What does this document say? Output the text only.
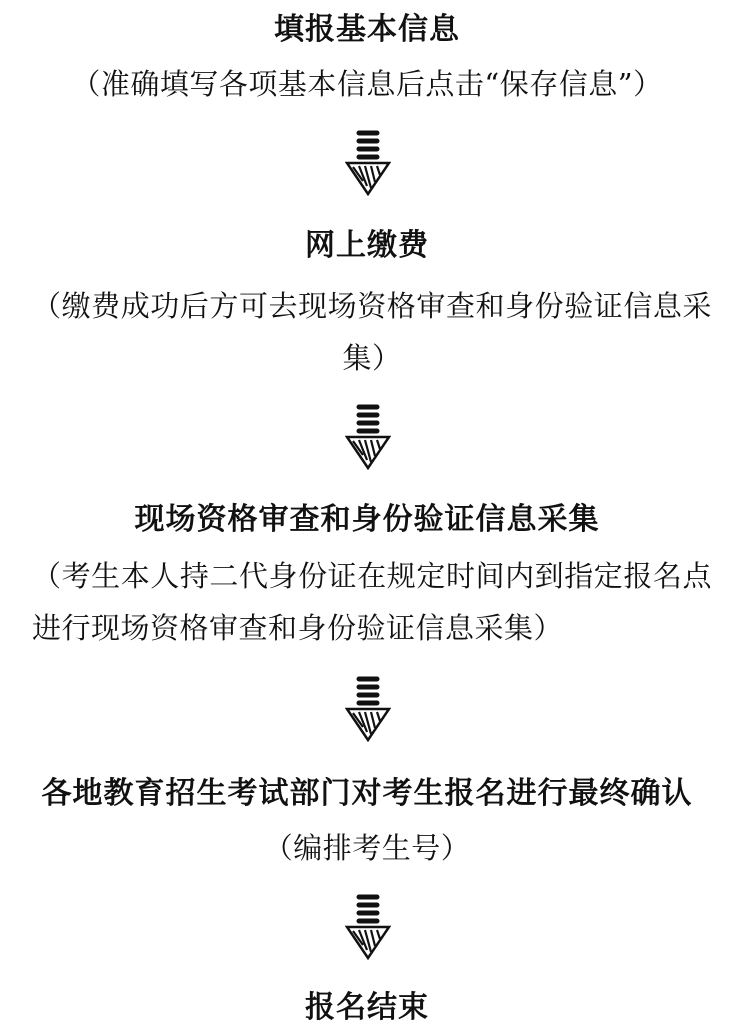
填报基本信息
（准确填写各项基本信息后点击“保存信息”）
网上缴费
（缴费成功后方可去现场资格审查和身份验证信息采集）
现场资格审查和身份验证信息采集
（考生本人持二代身份证在规定时间内到指定报名点进行现场资格审查和身份验证信息采集）
各地教育招生考试部门对考生报名进行最终确认
（编排考生号）
报名结束
